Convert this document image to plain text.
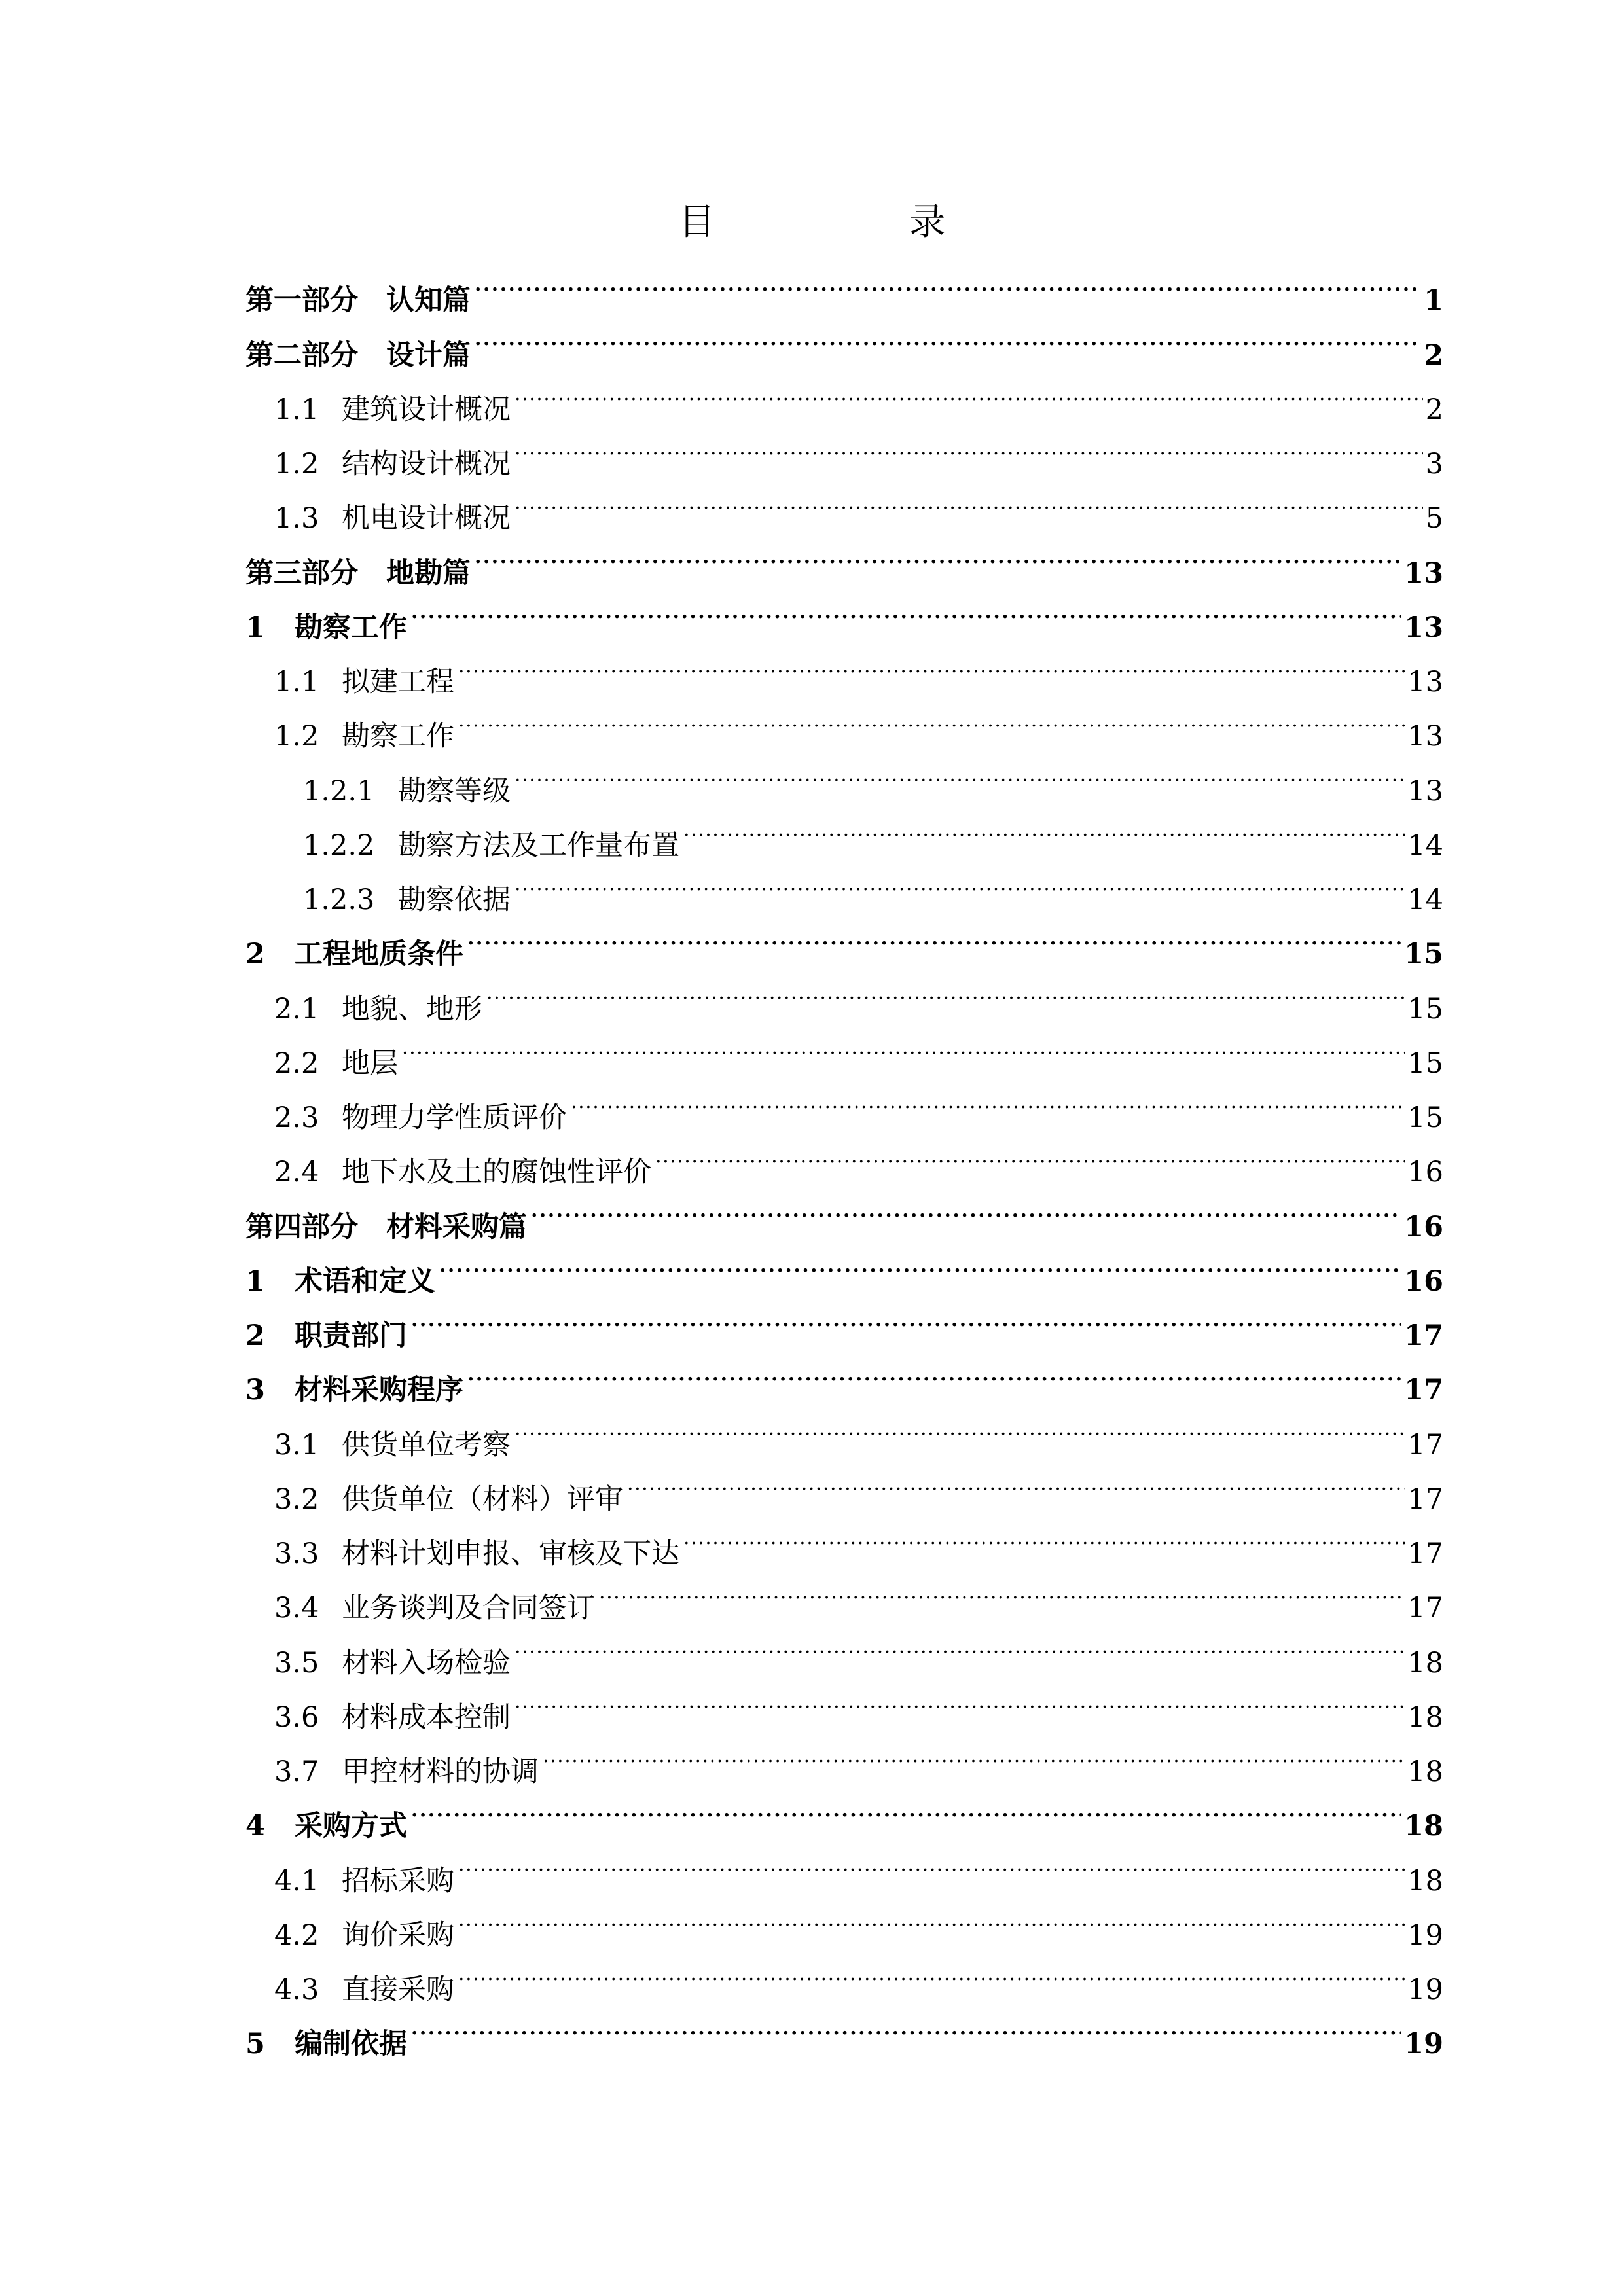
目　录
第一部分　认知篇 . . .	1
第二部分　设计篇 . . .	2
1.1 建筑设计概况 . . .	2
1.2 结构设计概况 . . .	3
1.3 机电设计概况 . . .	5
第三部分　地勘篇 . . .	13
1	勘察工作 . . .	13
1.1 拟建工程 . . .	13
1.2 勘察工作 . . .	13
1.2.1 勘察等级 . . .	13
1.2.2 勘察方法及工作量布置 . . .	14
1.2.3 勘察依据 . . .	14
2	工程地质条件 . . .	15
2.1 地貌、地形 . . .	15
2.2 地层 . . .	15
2.3 物理力学性质评价 . . .	15
2.4 地下水及土的腐蚀性评价 . . .	16
第四部分　材料采购篇 . . .	16
1	术语和定义 . . .	16
2	职责部门 . . .	17
3	材料采购程序 . . .	17
3.1 供货单位考察 . . .	17
3.2 供货单位（材料）评审 . . .	17
3.3 材料计划申报、审核及下达 . . .	17
3.4 业务谈判及合同签订 . . .	17
3.5 材料入场检验 . . .	18
3.6 材料成本控制 . . .	18
3.7 甲控材料的协调 . . .	18
4	采购方式 . . .	18
4.1 招标采购 . . .	18
4.2 询价采购 . . .	19
4.3 直接采购 . . .	19
5	编制依据 . . .	19
